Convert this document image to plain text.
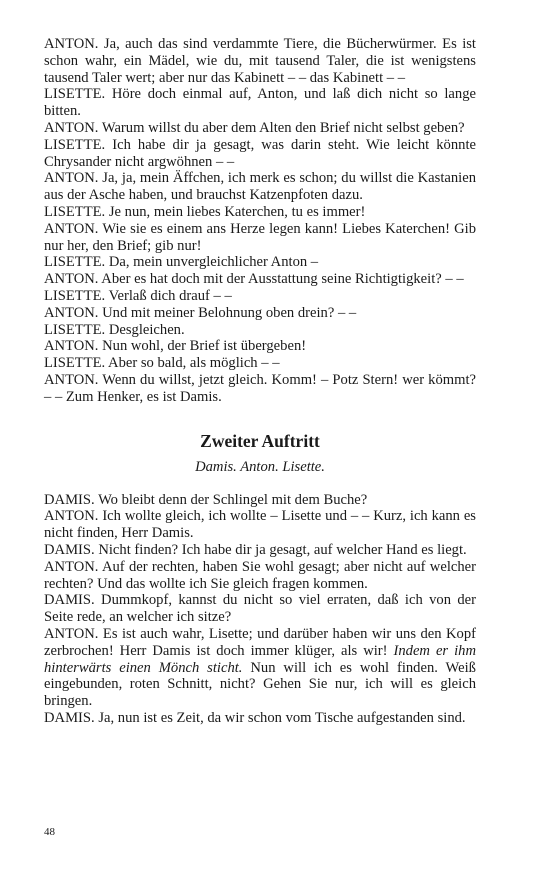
ANTON. Ja, auch das sind verdammte Tiere, die Bücherwürmer. Es ist schon wahr, ein Mädel, wie du, mit tausend Taler, die ist wenigstens tausend Taler wert; aber nur das Kabinett – – das Kabinett – –

LISETTE. Höre doch einmal auf, Anton, und laß dich nicht so lange bitten.

ANTON. Warum willst du aber dem Alten den Brief nicht selbst geben?

LISETTE. Ich habe dir ja gesagt, was darin steht. Wie leicht könnte Chrysander nicht argwöhnen – –

ANTON. Ja, ja, mein Äffchen, ich merk es schon; du willst die Kastanien aus der Asche haben, und brauchst Katzenpfoten dazu.

LISETTE. Je nun, mein liebes Katerchen, tu es immer!

ANTON. Wie sie es einem ans Herze legen kann! Liebes Katerchen! Gib nur her, den Brief; gib nur!

LISETTE. Da, mein unvergleichlicher Anton –

ANTON. Aber es hat doch mit der Ausstattung seine Richtigtigkeit? – –

LISETTE. Verlaß dich drauf – –

ANTON. Und mit meiner Belohnung oben drein? – –

LISETTE. Desgleichen.

ANTON. Nun wohl, der Brief ist übergeben!

LISETTE. Aber so bald, als möglich – –

ANTON. Wenn du willst, jetzt gleich. Komm! – Potz Stern! wer kömmt? – – Zum Henker, es ist Damis.

Zweiter Auftritt

Damis. Anton. Lisette.

DAMIS. Wo bleibt denn der Schlingel mit dem Buche?

ANTON. Ich wollte gleich, ich wollte – Lisette und – – Kurz, ich kann es nicht finden, Herr Damis.

DAMIS. Nicht finden? Ich habe dir ja gesagt, auf welcher Hand es liegt.

ANTON. Auf der rechten, haben Sie wohl gesagt; aber nicht auf welcher rechten? Und das wollte ich Sie gleich fragen kommen.

DAMIS. Dummkopf, kannst du nicht so viel erraten, daß ich von der Seite rede, an welcher ich sitze?

ANTON. Es ist auch wahr, Lisette; und darüber haben wir uns den Kopf zerbrochen! Herr Damis ist doch immer klüger, als wir! Indem er ihm hinterwärts einen Mönch sticht. Nun will ich es wohl finden. Weiß eingebunden, roten Schnitt, nicht? Gehen Sie nur, ich will es gleich bringen.

DAMIS. Ja, nun ist es Zeit, da wir schon vom Tische aufgestanden sind.

48
